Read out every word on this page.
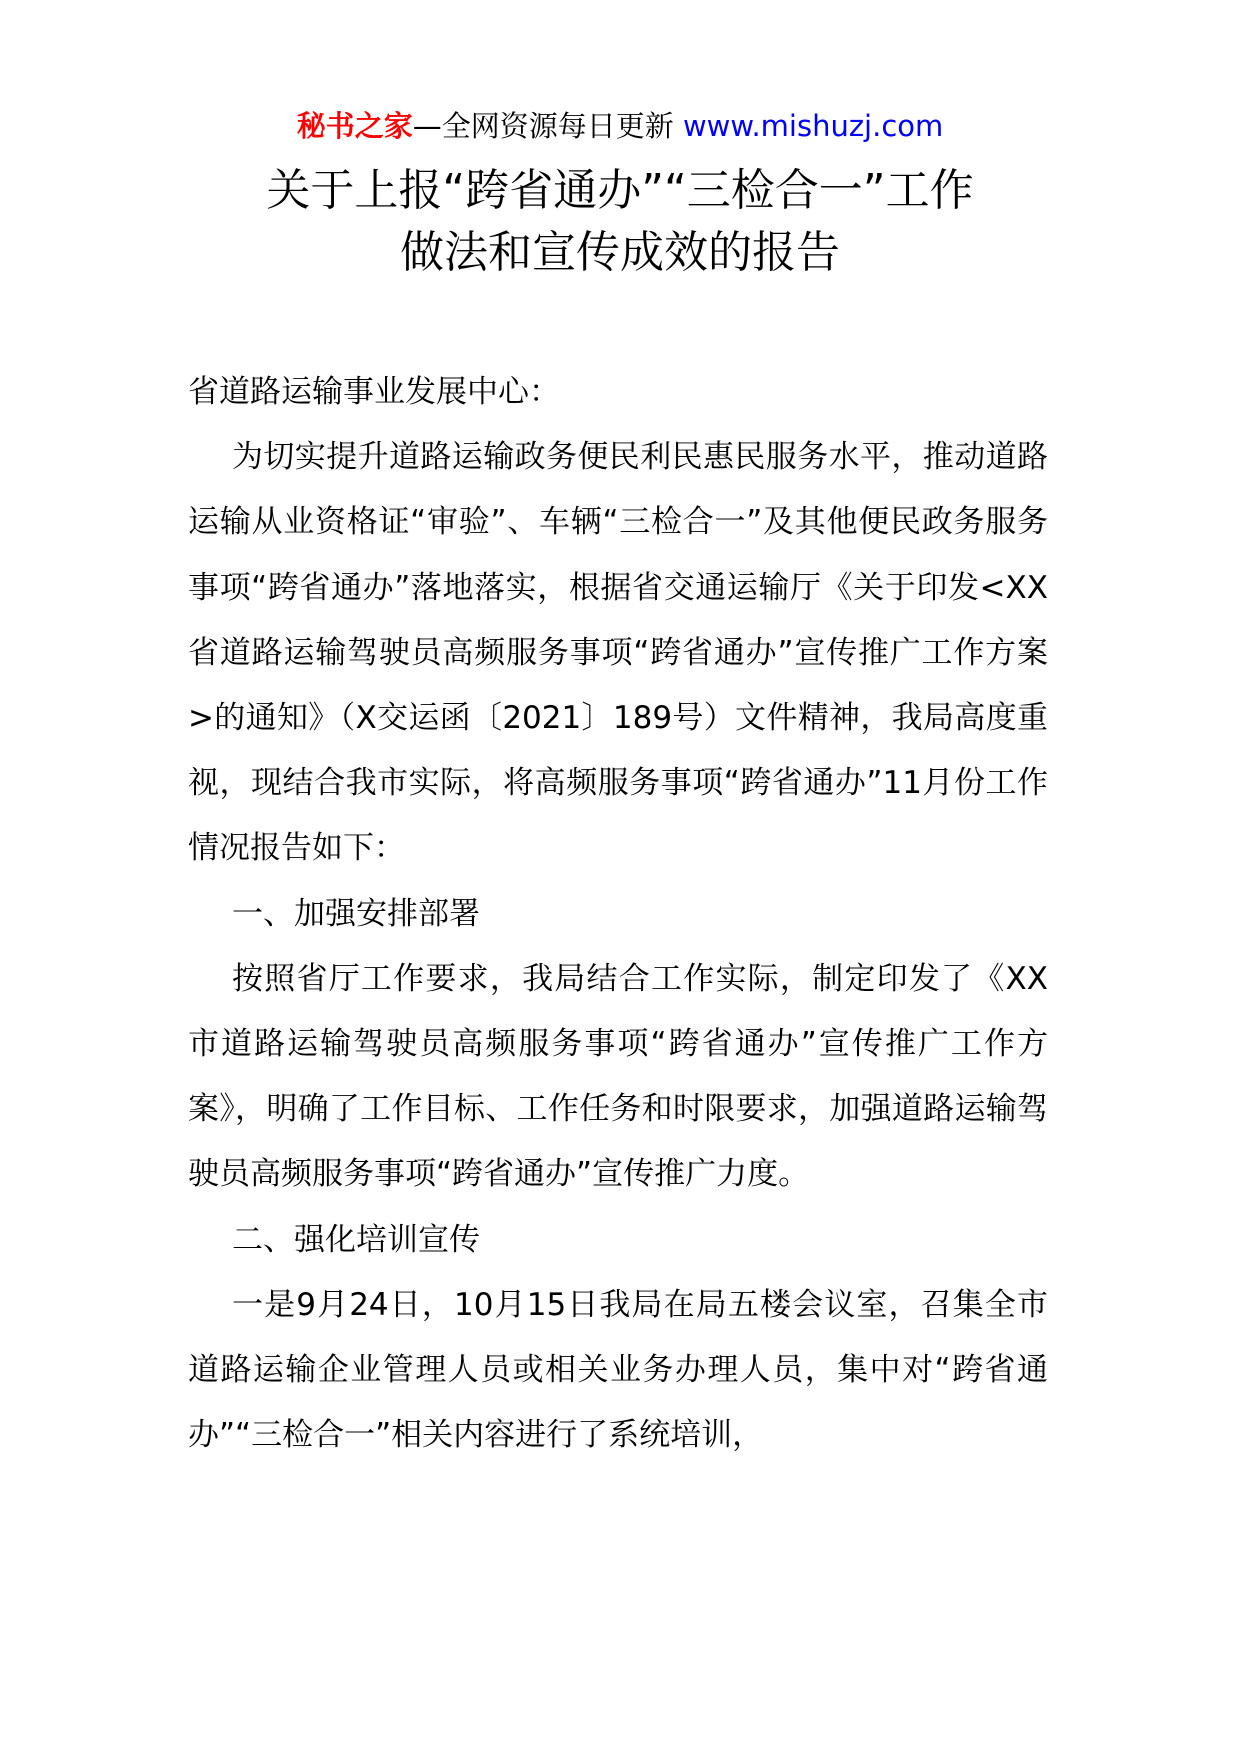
秘书之家—全网资源每日更新 www.mishuzj.com
关于上报“跨省通办”“三检合一”工作
做法和宣传成效的报告

省道路运输事业发展中心：

为切实提升道路运输政务便民利民惠民服务水平，推动道路运输从业资格证“审验”、车辆“三检合一”及其他便民政务服务事项“跨省通办”落地落实，根据省交通运输厅《关于印发<XX省道路运输驾驶员高频服务事项“跨省通办”宣传推广工作方案>的通知》（X交运函〔2021〕189号）文件精神，我局高度重视，现结合我市实际，将高频服务事项“跨省通办”11月份工作情况报告如下：

一、加强安排部署

按照省厅工作要求，我局结合工作实际，制定印发了《XX市道路运输驾驶员高频服务事项“跨省通办”宣传推广工作方案》，明确了工作目标、工作任务和时限要求，加强道路运输驾驶员高频服务事项“跨省通办”宣传推广力度。

二、强化培训宣传

一是9月24日，10月15日我局在局五楼会议室，召集全市道路运输企业管理人员或相关业务办理人员，集中对“跨省通办”“三检合一”相关内容进行了系统培训，
